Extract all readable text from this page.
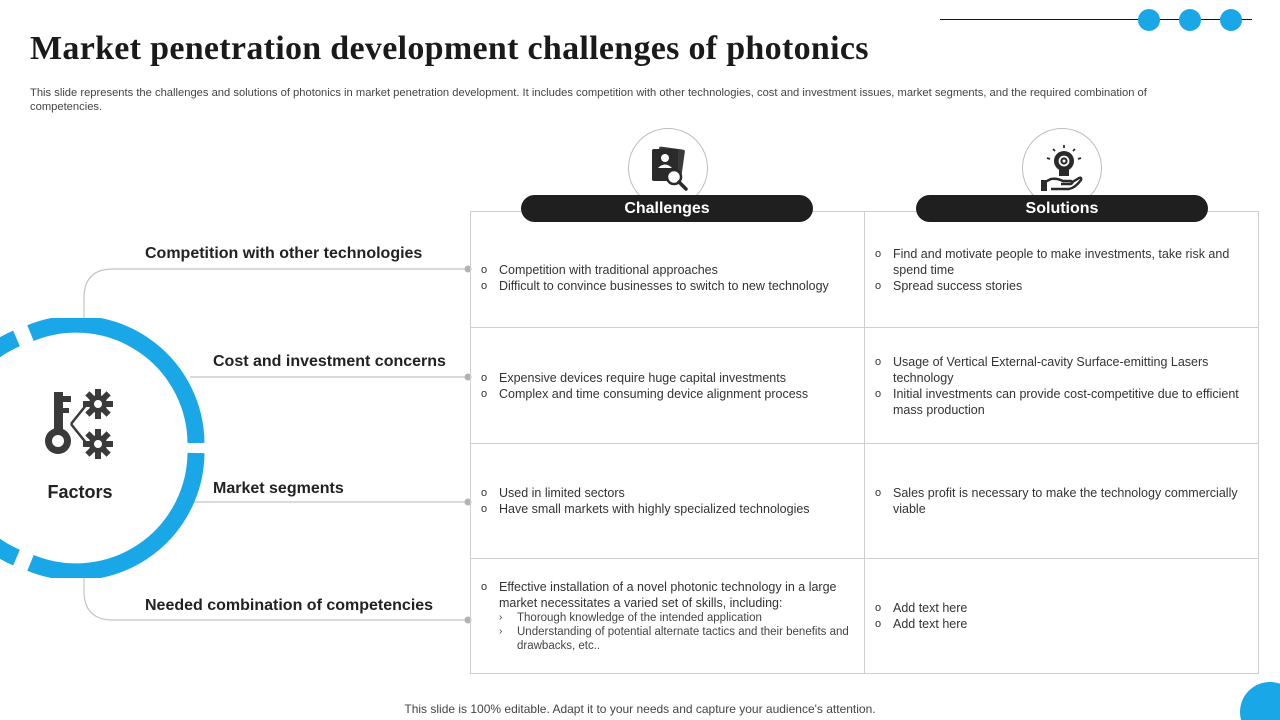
Market penetration development challenges of photonics
This slide represents the challenges and solutions of photonics in market penetration development. It includes competition with other technologies, cost and investment issues, market segments, and the required combination of competencies.
Factors
Competition with other technologies
Cost and investment concerns
Market segments
Needed combination of competencies
Challenges	Solutions
o Competition with traditional approaches
o Difficult to convince businesses to switch to new technology
o Find and motivate people to make investments, take risk and spend time
o Spread success stories
o Expensive devices require huge capital investments
o Complex and time consuming device alignment process
o Usage of Vertical External-cavity Surface-emitting Lasers technology
o Initial investments can provide cost-competitive due to efficient mass production
o Used in limited sectors
o Have small markets with highly specialized technologies
o Sales profit is necessary to make the technology commercially viable
o Effective installation of a novel photonic technology in a large market necessitates a varied set of skills, including:
› Thorough knowledge of the intended application
› Understanding of potential alternate tactics and their benefits and drawbacks, etc..
o Add text here
o Add text here
This slide is 100% editable. Adapt it to your needs and capture your audience's attention.
